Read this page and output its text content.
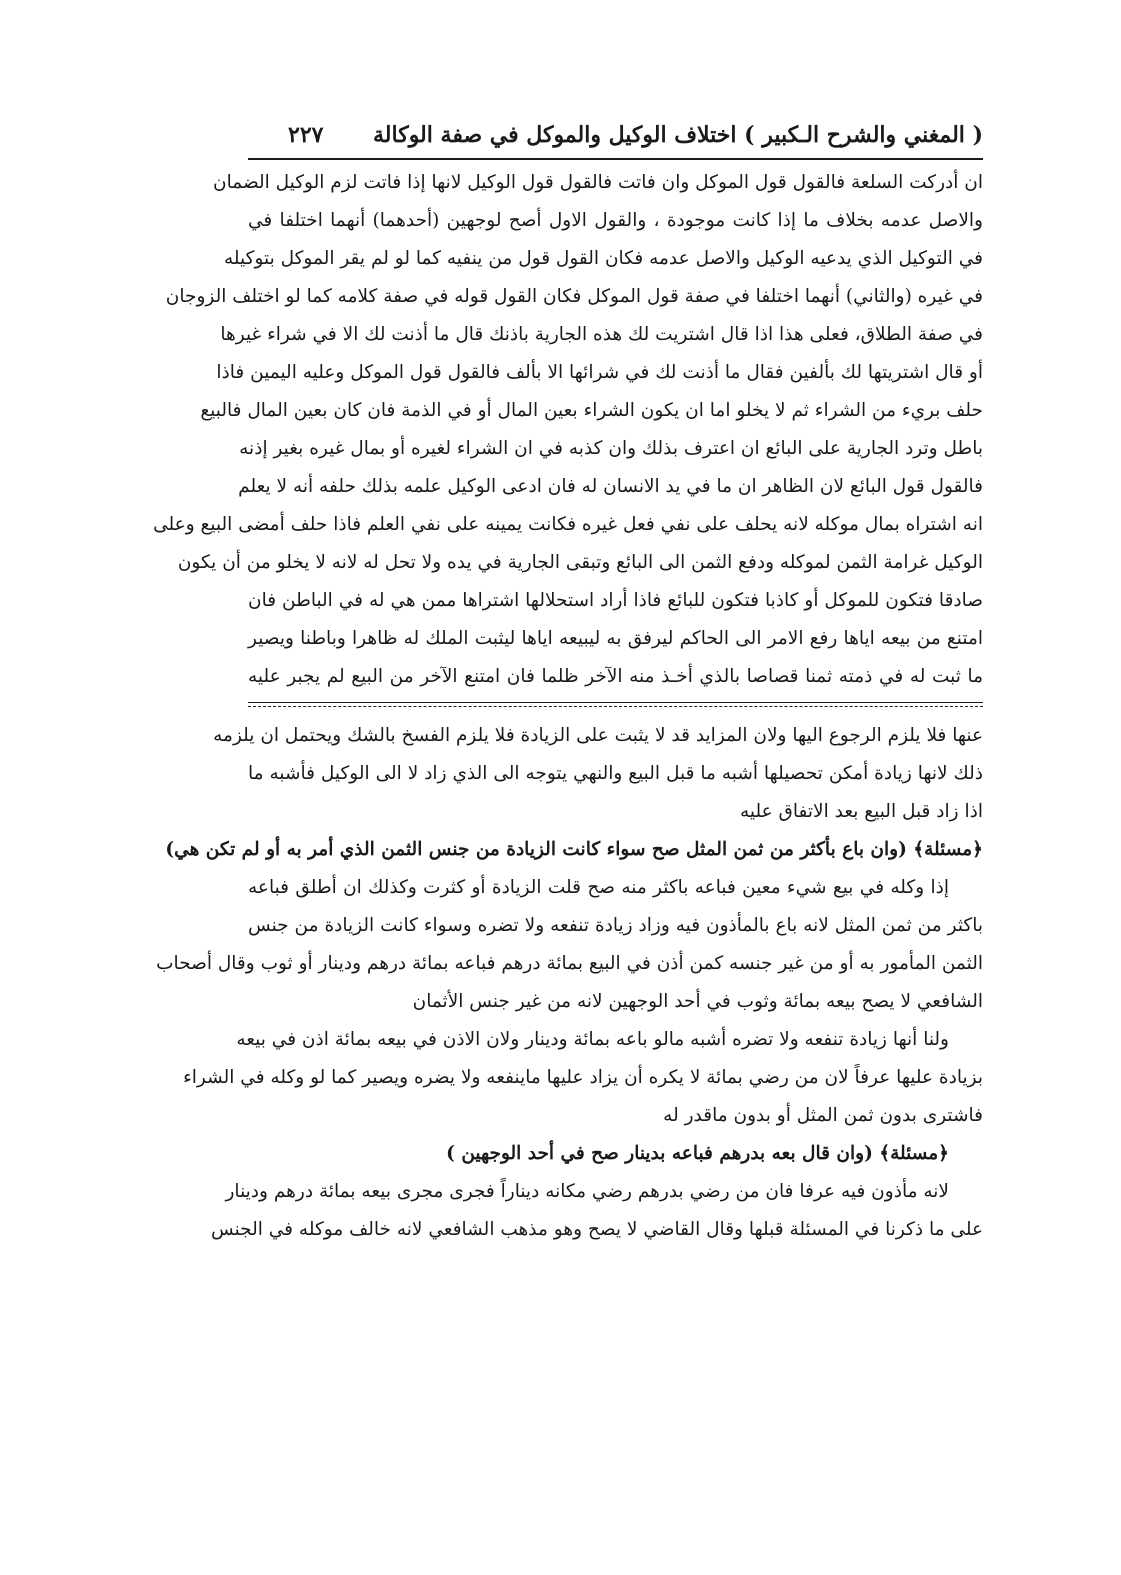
( المغني والشرح الـكبير ) اختلاف الوكيل والموكل في صفة الوكالة
٢٢٧
ان أدركت السلعة فالقول قول الموكل وان فاتت فالقول قول الوكيل لانها إذا فاتت لزم الوكيل الضمان
والاصل عدمه بخلاف ما إذا كانت موجودة ، والقول الاول أصح لوجهين (أحدهما) أنهما اختلفا في
في التوكيل الذي يدعيه الوكيل والاصل عدمه فكان القول قول من ينفيه كما لو لم يقر الموكل بتوكيله
في غيره (والثاني) أنهما اختلفا في صفة قول الموكل فكان القول قوله في صفة كلامه كما لو اختلف الزوجان
في صفة الطلاق، فعلى هذا اذا قال اشتريت لك هذه الجارية باذنك قال ما أذنت لك الا في شراء غيرها
أو قال اشتريتها لك بألفين فقال ما أذنت لك في شرائها الا بألف فالقول قول الموكل وعليه اليمين فاذا
حلف بريء من الشراء ثم لا يخلو اما ان يكون الشراء بعين المال أو في الذمة فان كان بعين المال فالبيع
باطل وترد الجارية على البائع ان اعترف بذلك وان كذبه في ان الشراء لغيره أو بمال غيره بغير إذنه
فالقول قول البائع لان الظاهر ان ما في يد الانسان له فان ادعى الوكيل علمه بذلك حلفه أنه لا يعلم
انه اشتراه بمال موكله لانه يحلف على نفي فعل غيره فكانت يمينه على نفي العلم فاذا حلف أمضى البيع وعلى
الوكيل غرامة الثمن لموكله ودفع الثمن الى البائع وتبقى الجارية في يده ولا تحل له لانه لا يخلو من أن يكون
صادقا فتكون للموكل أو كاذبا فتكون للبائع فاذا أراد استحلالها اشتراها ممن هي له في الباطن فان
امتنع من بيعه اياها رفع الامر الى الحاكم ليرفق به ليبيعه اياها ليثبت الملك له ظاهرا وباطنا ويصير
ما ثبت له في ذمته ثمنا قصاصا بالذي أخـذ منه الآخر ظلما فان امتنع الآخر من البيع لم يجبر عليه
عنها فلا يلزم الرجوع اليها ولان المزايد قد لا يثبت على الزيادة فلا يلزم الفسخ بالشك ويحتمل ان يلزمه
ذلك لانها زيادة أمكن تحصيلها أشبه ما قبل البيع والنهي يتوجه الى الذي زاد لا الى الوكيل فأشبه ما
اذا زاد قبل البيع بعد الاتفاق عليه
﴿مسئلة﴾ (وان باع بأكثر من ثمن المثل صح سواء كانت الزيادة من جنس الثمن الذي أمر به أو لم تكن هي)
إذا وكله في بيع شيء معين فباعه باكثر منه صح قلت الزيادة أو كثرت وكذلك ان أطلق فباعه
باكثر من ثمن المثل لانه باع بالمأذون فيه وزاد زيادة تنفعه ولا تضره وسواء كانت الزيادة من جنس
الثمن المأمور به أو من غير جنسه كمن أذن في البيع بمائة درهم فباعه بمائة درهم ودينار أو ثوب وقال أصحاب
الشافعي لا يصح بيعه بمائة وثوب في أحد الوجهين لانه من غير جنس الأثمان
ولنا أنها زيادة تنفعه ولا تضره أشبه مالو باعه بمائة ودينار ولان الاذن في بيعه بمائة اذن في بيعه
بزيادة عليها عرفاً لان من رضي بمائة لا يكره أن يزاد عليها ماينفعه ولا يضره ويصير كما لو وكله في الشراء
فاشترى بدون ثمن المثل أو بدون ماقدر له
﴿مسئلة﴾ (وان قال بعه بدرهم فباعه بدينار صح في أحد الوجهين )
لانه مأذون فيه عرفا فان من رضي بدرهم رضي مكانه ديناراً فجرى مجرى بيعه بمائة درهم ودينار
على ما ذكرنا في المسئلة قبلها وقال القاضي لا يصح وهو مذهب الشافعي لانه خالف موكله في الجنس
